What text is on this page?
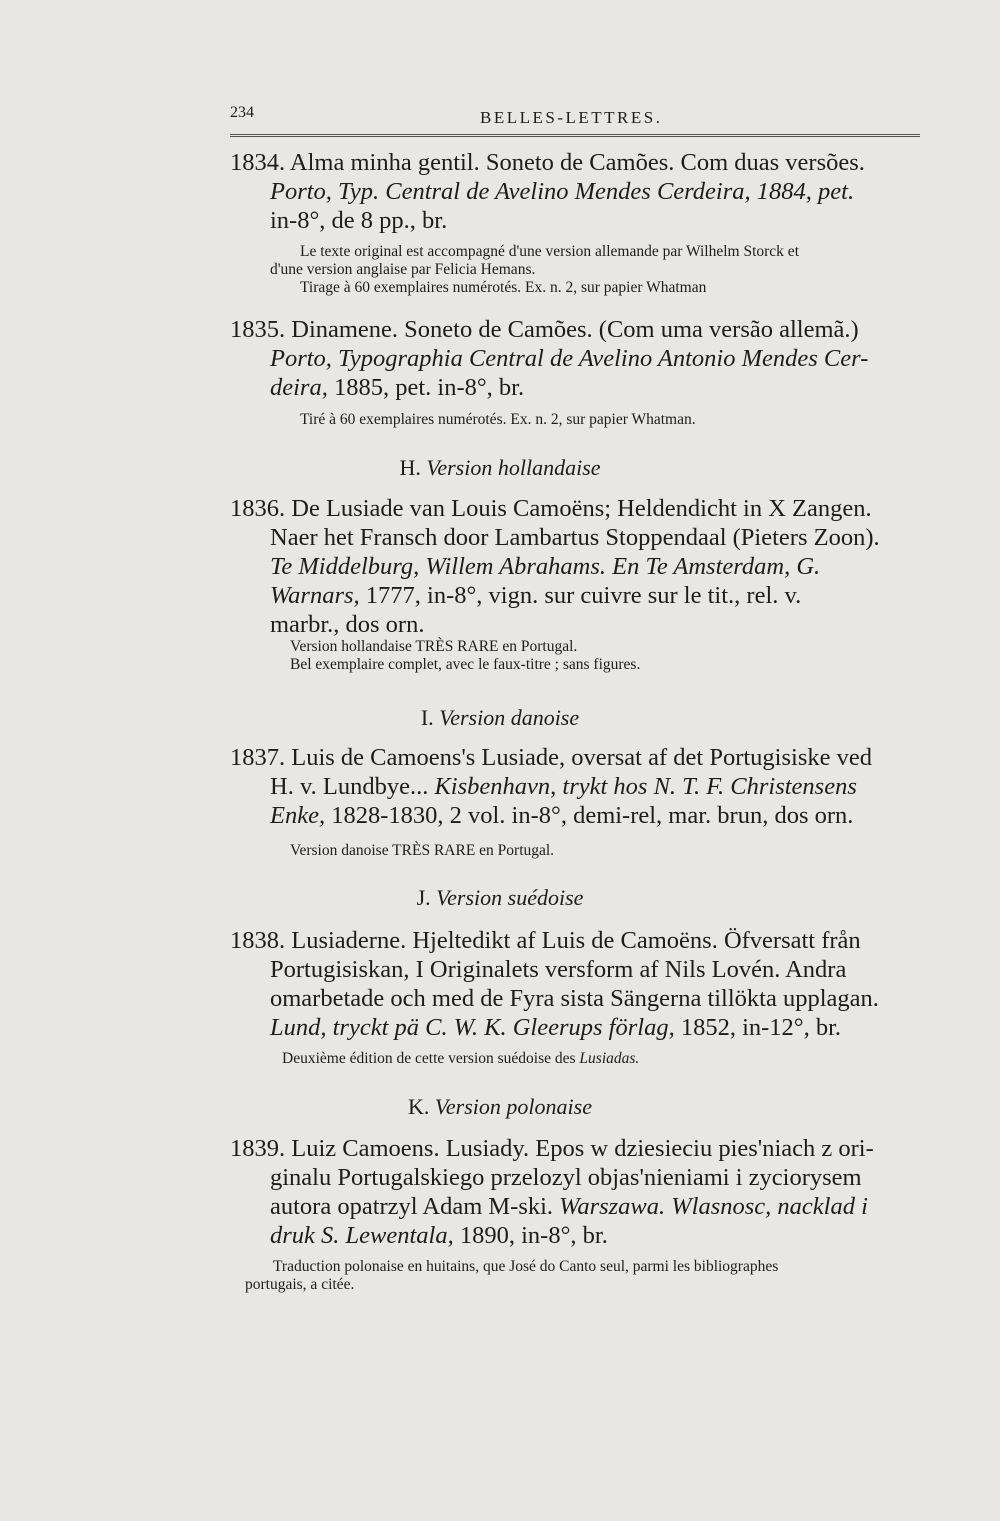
234	BELLES-LETTRES.
1834. Alma minha gentil. Soneto de Camões. Com duas versões.
Porto, Typ. Central de Avelino Mendes Cerdeira, 1884, pet.
in-8°, de 8 pp., br.
Le texte original est accompagné d'une version allemande par Wilhelm Storck et
d'une version anglaise par Felicia Hemans.
Tirage à 60 exemplaires numérotés. Ex. n. 2, sur papier Whatman
1835. Dinamene. Soneto de Camões. (Com uma versão allemã.)
Porto, Typographia Central de Avelino Antonio Mendes Cer-
deira, 1885, pet. in-8°, br.
Tiré à 60 exemplaires numérotés. Ex. n. 2, sur papier Whatman.
H. Version hollandaise
1836. De Lusiade van Louis Camoëns; Heldendicht in X Zangen.
Naer het Fransch door Lambartus Stoppendaal (Pieters Zoon).
Te Middelburg, Willem Abrahams. En Te Amsterdam, G.
Warnars, 1777, in-8°, vign. sur cuivre sur le tit., rel. v.
marbr., dos orn.
Version hollandaise TRÈS RARE en Portugal.
Bel exemplaire complet, avec le faux-titre ; sans figures.
I. Version danoise
1837. Luis de Camoens's Lusiade, oversat af det Portugisiske ved
H. v. Lundbye... Kisbenhavn, trykt hos N. T. F. Christensens
Enke, 1828-1830, 2 vol. in-8°, demi-rel, mar. brun, dos orn.
Version danoise TRÈS RARE en Portugal.
J. Version suédoise
1838. Lusiaderne. Hjeltedikt af Luis de Camoëns. Öfversatt från
Portugisiskan, I Originalets versform af Nils Lovén. Andra
omarbetade och med de Fyra sista Sängerna tillökta upplagan.
Lund, tryckt pä C. W. K. Gleerups förlag, 1852, in-12°, br.
Deuxième édition de cette version suédoise des Lusiadas.
K. Version polonaise
1839. Luiz Camoens. Lusiady. Epos w dziesieciu pies'niach z ori-
ginalu Portugalskiego przelozyl objas'nieniami i zyciorysem
autora opatrzyl Adam M-ski. Warszawa. Wlasnosc, nacklad i
druk S. Lewentala, 1890, in-8°, br.
Traduction polonaise en huitains, que José do Canto seul, parmi les bibliographes
portugais, a citée.
